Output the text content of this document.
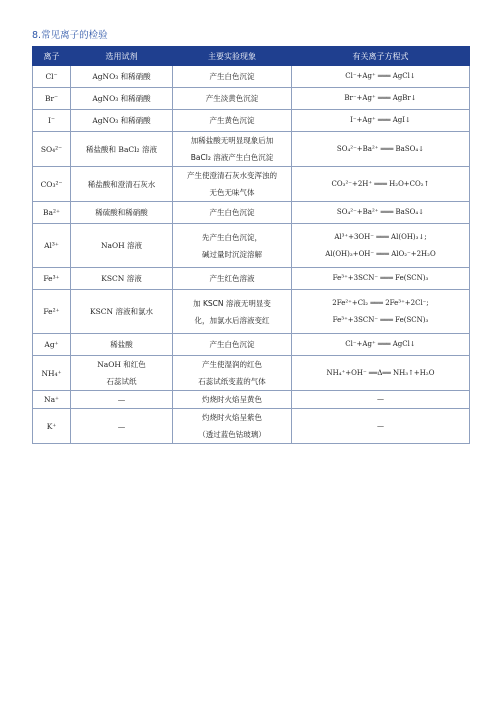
8.常见离子的检验
离子	选用试剂	主要实验现象	有关离子方程式
Cl⁻	AgNO₃ 和稀硝酸	产生白色沉淀	Cl⁻+Ag⁺ ═══ AgCl↓

Br⁻	AgNO₃ 和稀硝酸	产生淡黄色沉淀	Br⁻+Ag⁺ ═══ AgBr↓

I⁻	AgNO₃ 和稀硝酸	产生黄色沉淀	I⁻+Ag⁺ ═══ AgI↓

SO₄²⁻	稀盐酸和 BaCl₂ 溶液	加稀盐酸无明显现象后加
BaCl₂ 溶液产生白色沉淀	SO₄²⁻+Ba²⁺ ═══ BaSO₄↓

CO₃²⁻	稀盐酸和澄清石灰水	产生使澄清石灰水变浑浊的
无色无味气体	CO₃²⁻+2H⁺ ═══ H₂O+CO₂↑

Ba²⁺	稀硫酸和稀硝酸	产生白色沉淀	SO₄²⁻+Ba²⁺ ═══ BaSO₄↓

Al³⁺	NaOH 溶液	先产生白色沉淀，
碱过量时沉淀溶解	Al³⁺+3OH⁻ ═══ Al(OH)₃↓;
Al(OH)₃+OH⁻ ═══ AlO₂⁻+2H₂O

Fe³⁺	KSCN 溶液	产生红色溶液	Fe³⁺+3SCN⁻ ═══ Fe(SCN)₃

Fe²⁺	KSCN 溶液和氯水	加 KSCN 溶液无明显变
化，加氯水后溶液变红	2Fe²⁺+Cl₂ ═══ 2Fe³⁺+2Cl⁻;
Fe³⁺+3SCN⁻ ═══ Fe(SCN)₃

Ag⁺	稀盐酸	产生白色沉淀	Cl⁻+Ag⁺ ═══ AgCl↓

NH₄⁺	NaOH 和红色
石蕊试纸	产生使湿润的红色
石蕊试纸变蓝的气体	NH₄⁺+OH⁻ ══Δ══ NH₃↑+H₂O

Na⁺	—	灼烧时火焰呈黄色	—

K⁺	—	灼烧时火焰呈紫色
（透过蓝色钴玻璃）	—
